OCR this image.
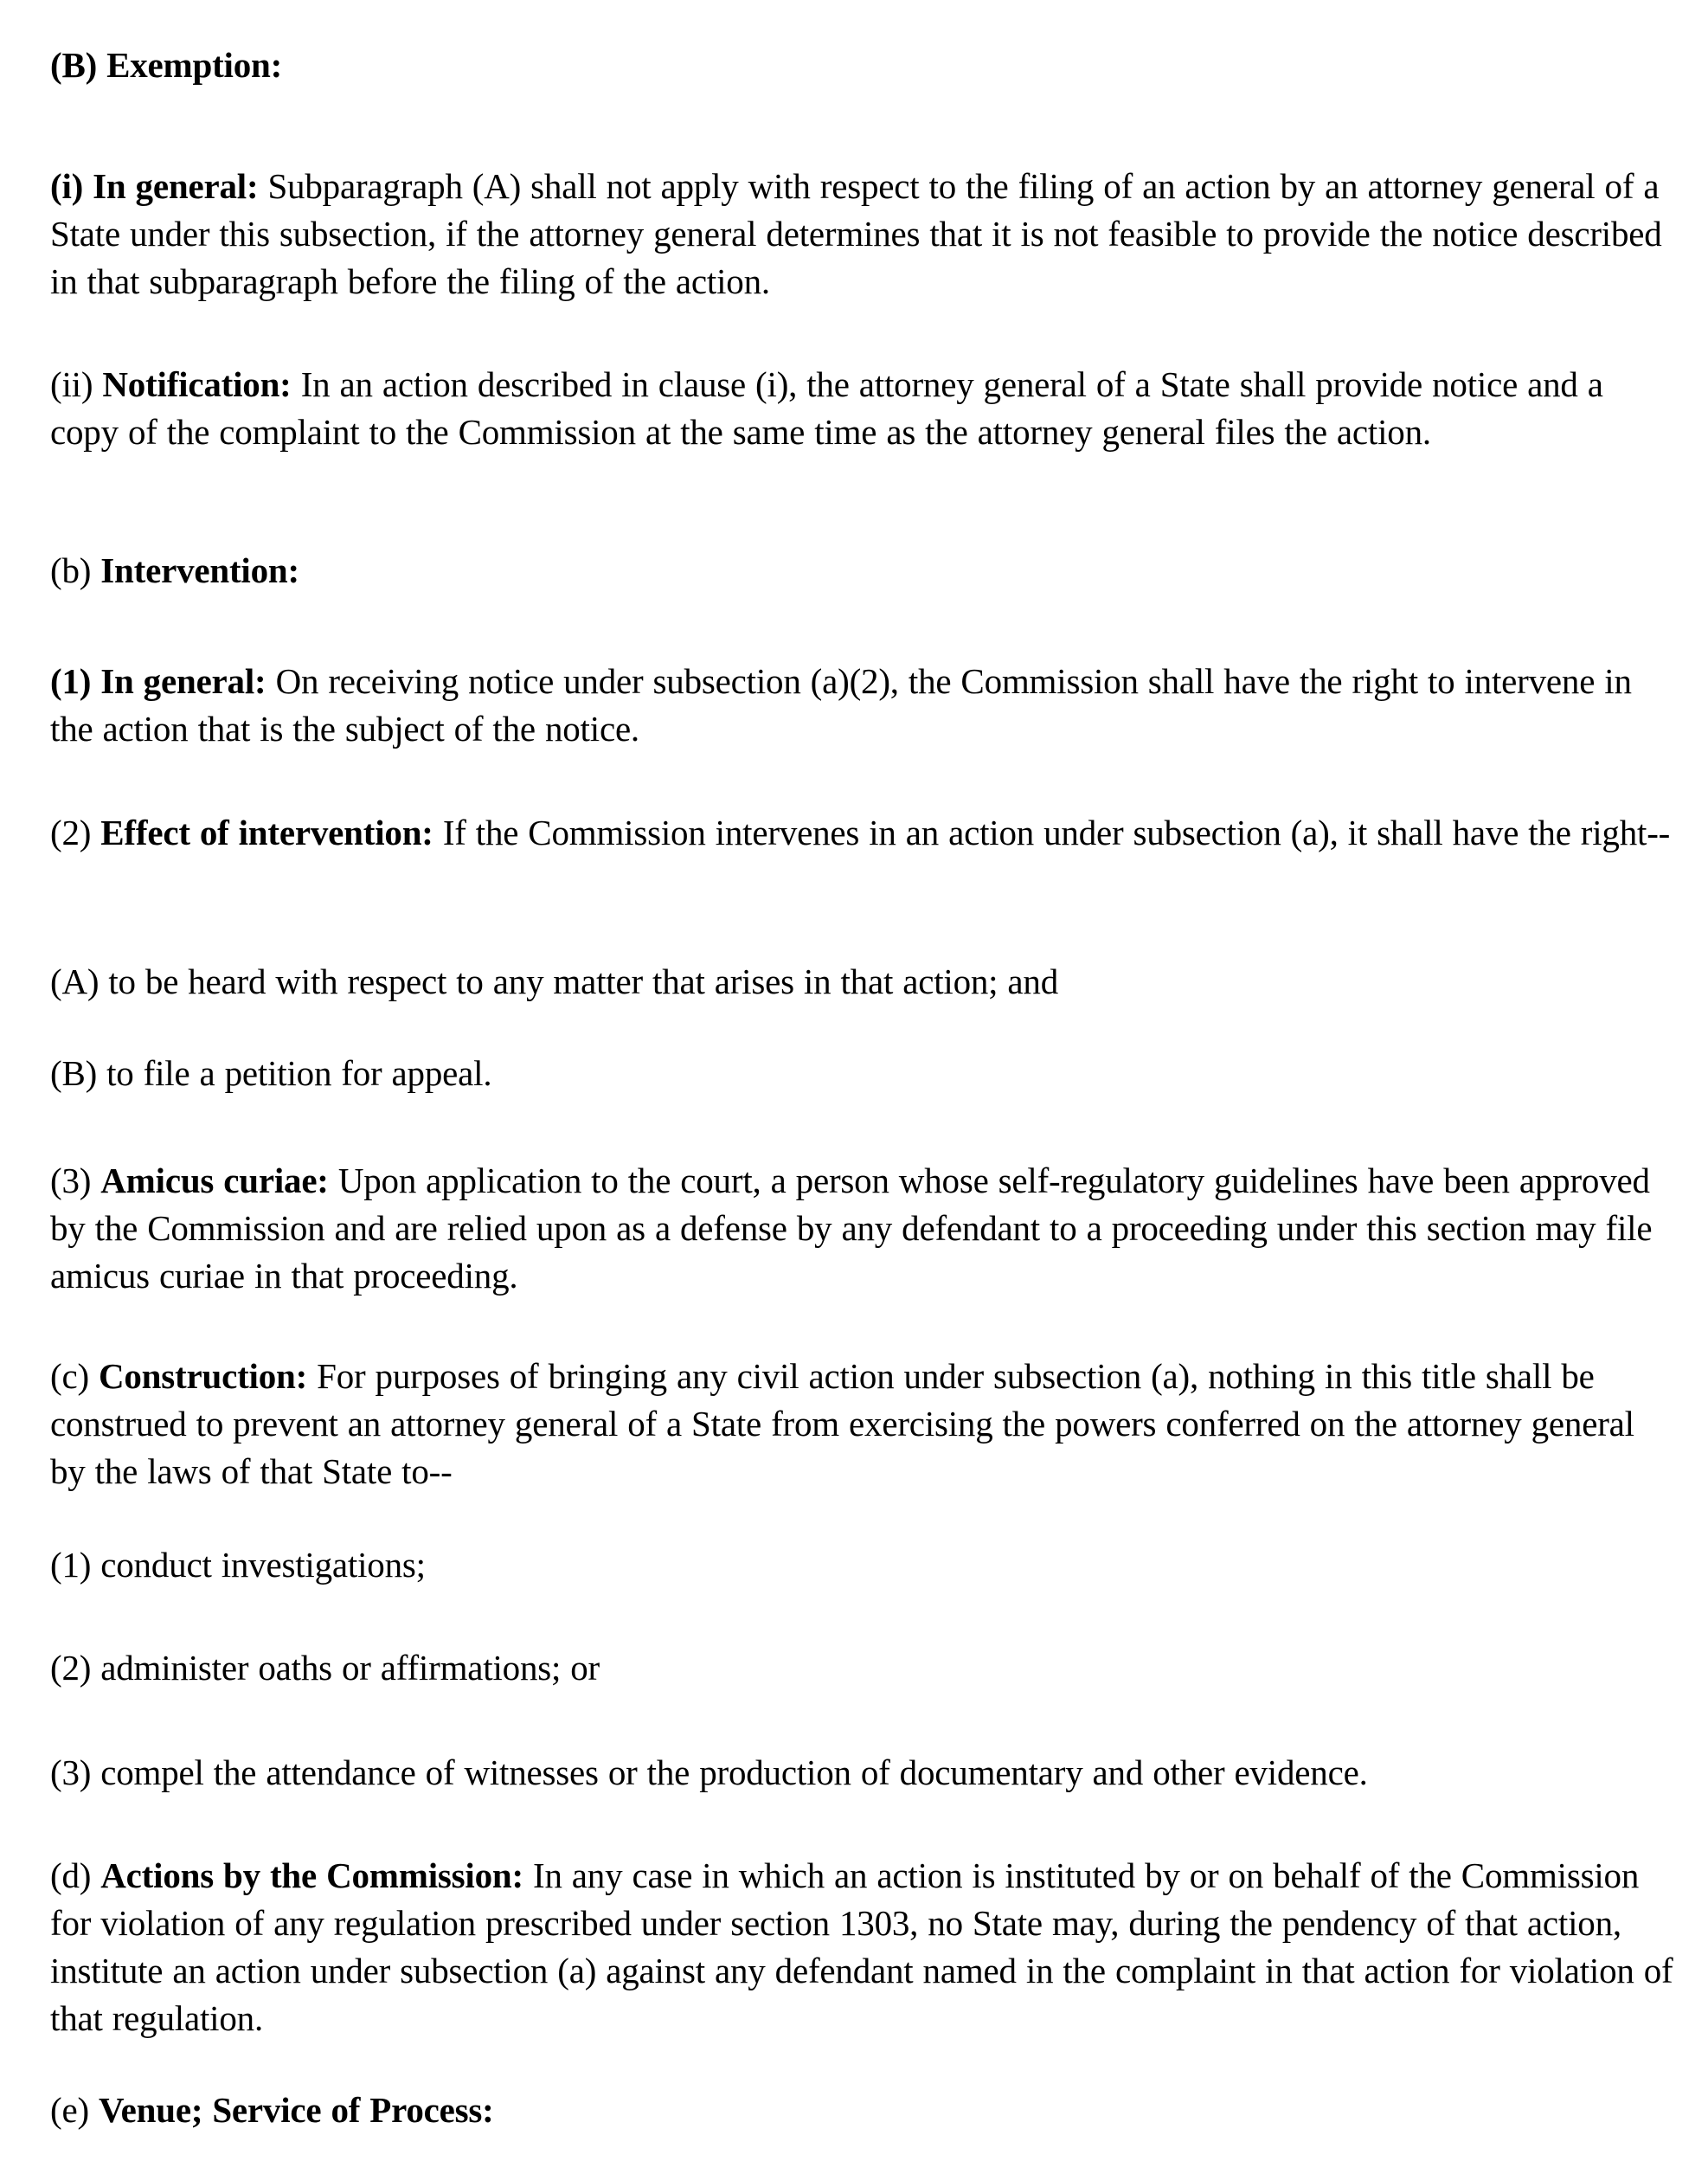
(B) Exemption:

(i) In general: Subparagraph (A) shall not apply with respect to the filing of an action by an attorney general of a State under this subsection, if the attorney general determines that it is not feasible to provide the notice described in that subparagraph before the filing of the action.

(ii) Notification: In an action described in clause (i), the attorney general of a State shall provide notice and a copy of the complaint to the Commission at the same time as the attorney general files the action.

(b) Intervention:

(1) In general: On receiving notice under subsection (a)(2), the Commission shall have the right to intervene in the action that is the subject of the notice.

(2) Effect of intervention: If the Commission intervenes in an action under subsection (a), it shall have the right--

(A) to be heard with respect to any matter that arises in that action; and

(B) to file a petition for appeal.

(3) Amicus curiae: Upon application to the court, a person whose self-regulatory guidelines have been approved by the Commission and are relied upon as a defense by any defendant to a proceeding under this section may file amicus curiae in that proceeding.

(c) Construction: For purposes of bringing any civil action under subsection (a), nothing in this title shall be construed to prevent an attorney general of a State from exercising the powers conferred on the attorney general by the laws of that State to--

(1) conduct investigations;

(2) administer oaths or affirmations; or

(3) compel the attendance of witnesses or the production of documentary and other evidence.

(d) Actions by the Commission: In any case in which an action is instituted by or on behalf of the Commission for violation of any regulation prescribed under section 1303, no State may, during the pendency of that action, institute an action under subsection (a) against any defendant named in the complaint in that action for violation of that regulation.

(e) Venue; Service of Process:
